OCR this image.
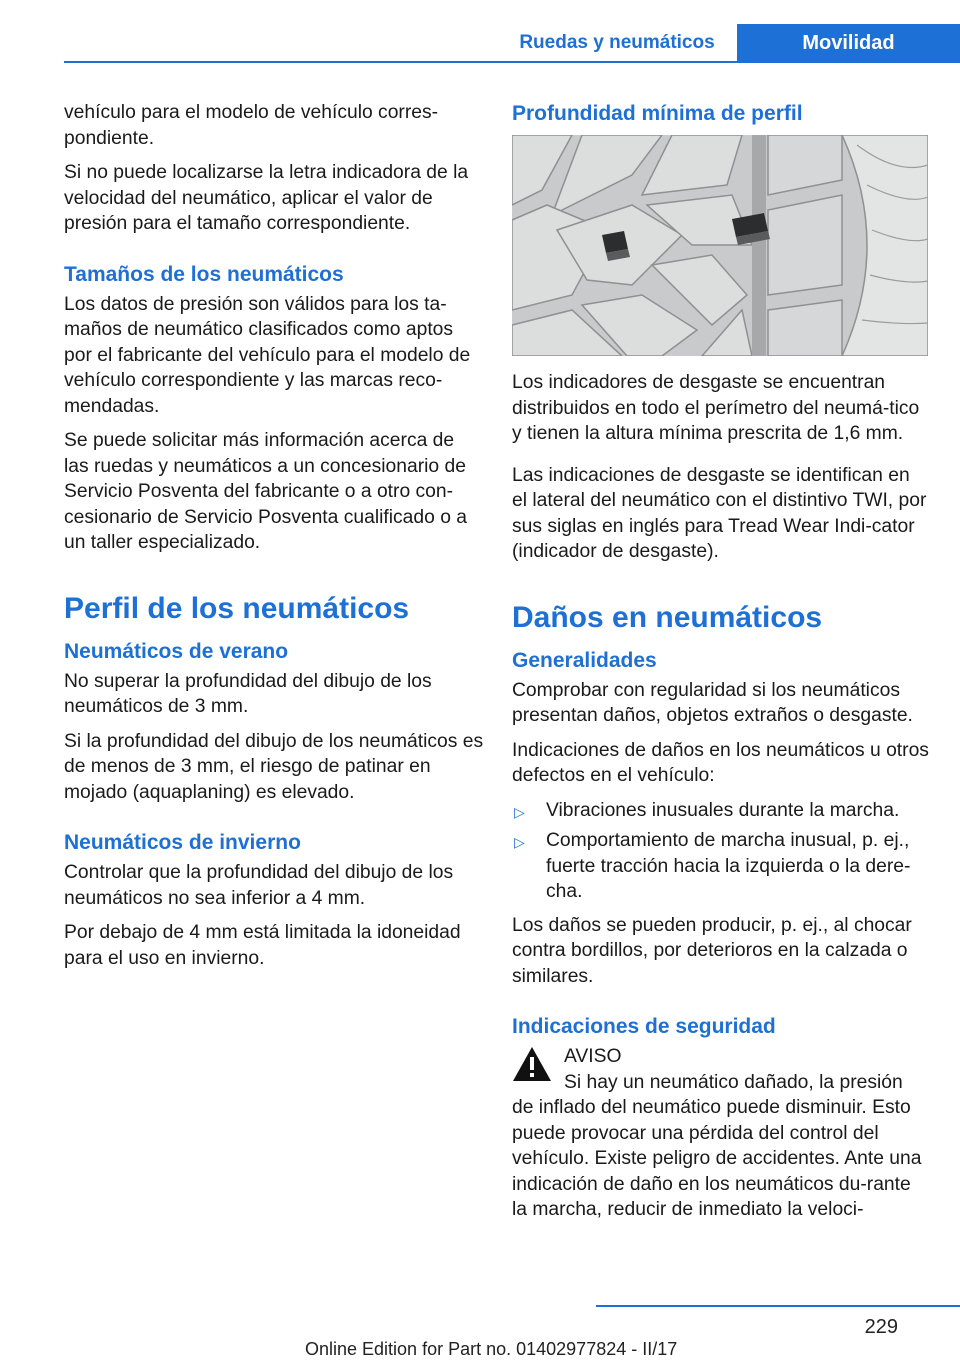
Ruedas y neumáticos	Movilidad

vehículo para el modelo de vehículo corres-pondiente.

Si no puede localizarse la letra indicadora de la velocidad del neumático, aplicar el valor de presión para el tamaño correspondiente.

Tamaños de los neumáticos

Los datos de presión son válidos para los ta-maños de neumático clasificados como aptos por el fabricante del vehículo para el modelo de vehículo correspondiente y las marcas reco-mendadas.

Se puede solicitar más información acerca de las ruedas y neumáticos a un concesionario de Servicio Posventa del fabricante o a otro con-cesionario de Servicio Posventa cualificado o a un taller especializado.

Perfil de los neumáticos
Neumáticos de verano

No superar la profundidad del dibujo de los neumáticos de 3 mm.

Si la profundidad del dibujo de los neumáticos es de menos de 3 mm, el riesgo de patinar en mojado (aquaplaning) es elevado.

Neumáticos de invierno

Controlar que la profundidad del dibujo de los neumáticos no sea inferior a 4 mm.

Por debajo de 4 mm está limitada la idoneidad para el uso en invierno.

Profundidad mínima de perfil

Los indicadores de desgaste se encuentran distribuidos en todo el perímetro del neumá-tico y tienen la altura mínima prescrita de 1,6 mm.

Las indicaciones de desgaste se identifican en el lateral del neumático con el distintivo TWI, por sus siglas en inglés para Tread Wear Indi-cator (indicador de desgaste).

Daños en neumáticos
Generalidades

Comprobar con regularidad si los neumáticos presentan daños, objetos extraños o desgaste.

Indicaciones de daños en los neumáticos u otros defectos en el vehículo:

▷ Vibraciones inusuales durante la marcha.
▷ Comportamiento de marcha inusual, p. ej., fuerte tracción hacia la izquierda o la dere-cha.

Los daños se pueden producir, p. ej., al chocar contra bordillos, por deterioros en la calzada o similares.

Indicaciones de seguridad

AVISO

Si hay un neumático dañado, la presión

de inflado del neumático puede disminuir. Esto puede provocar una pérdida del control del vehículo. Existe peligro de accidentes. Ante una indicación de daño en los neumáticos du-rante la marcha, reducir de inmediato la veloci-

229
Online Edition for Part no. 01402977824 - II/17
